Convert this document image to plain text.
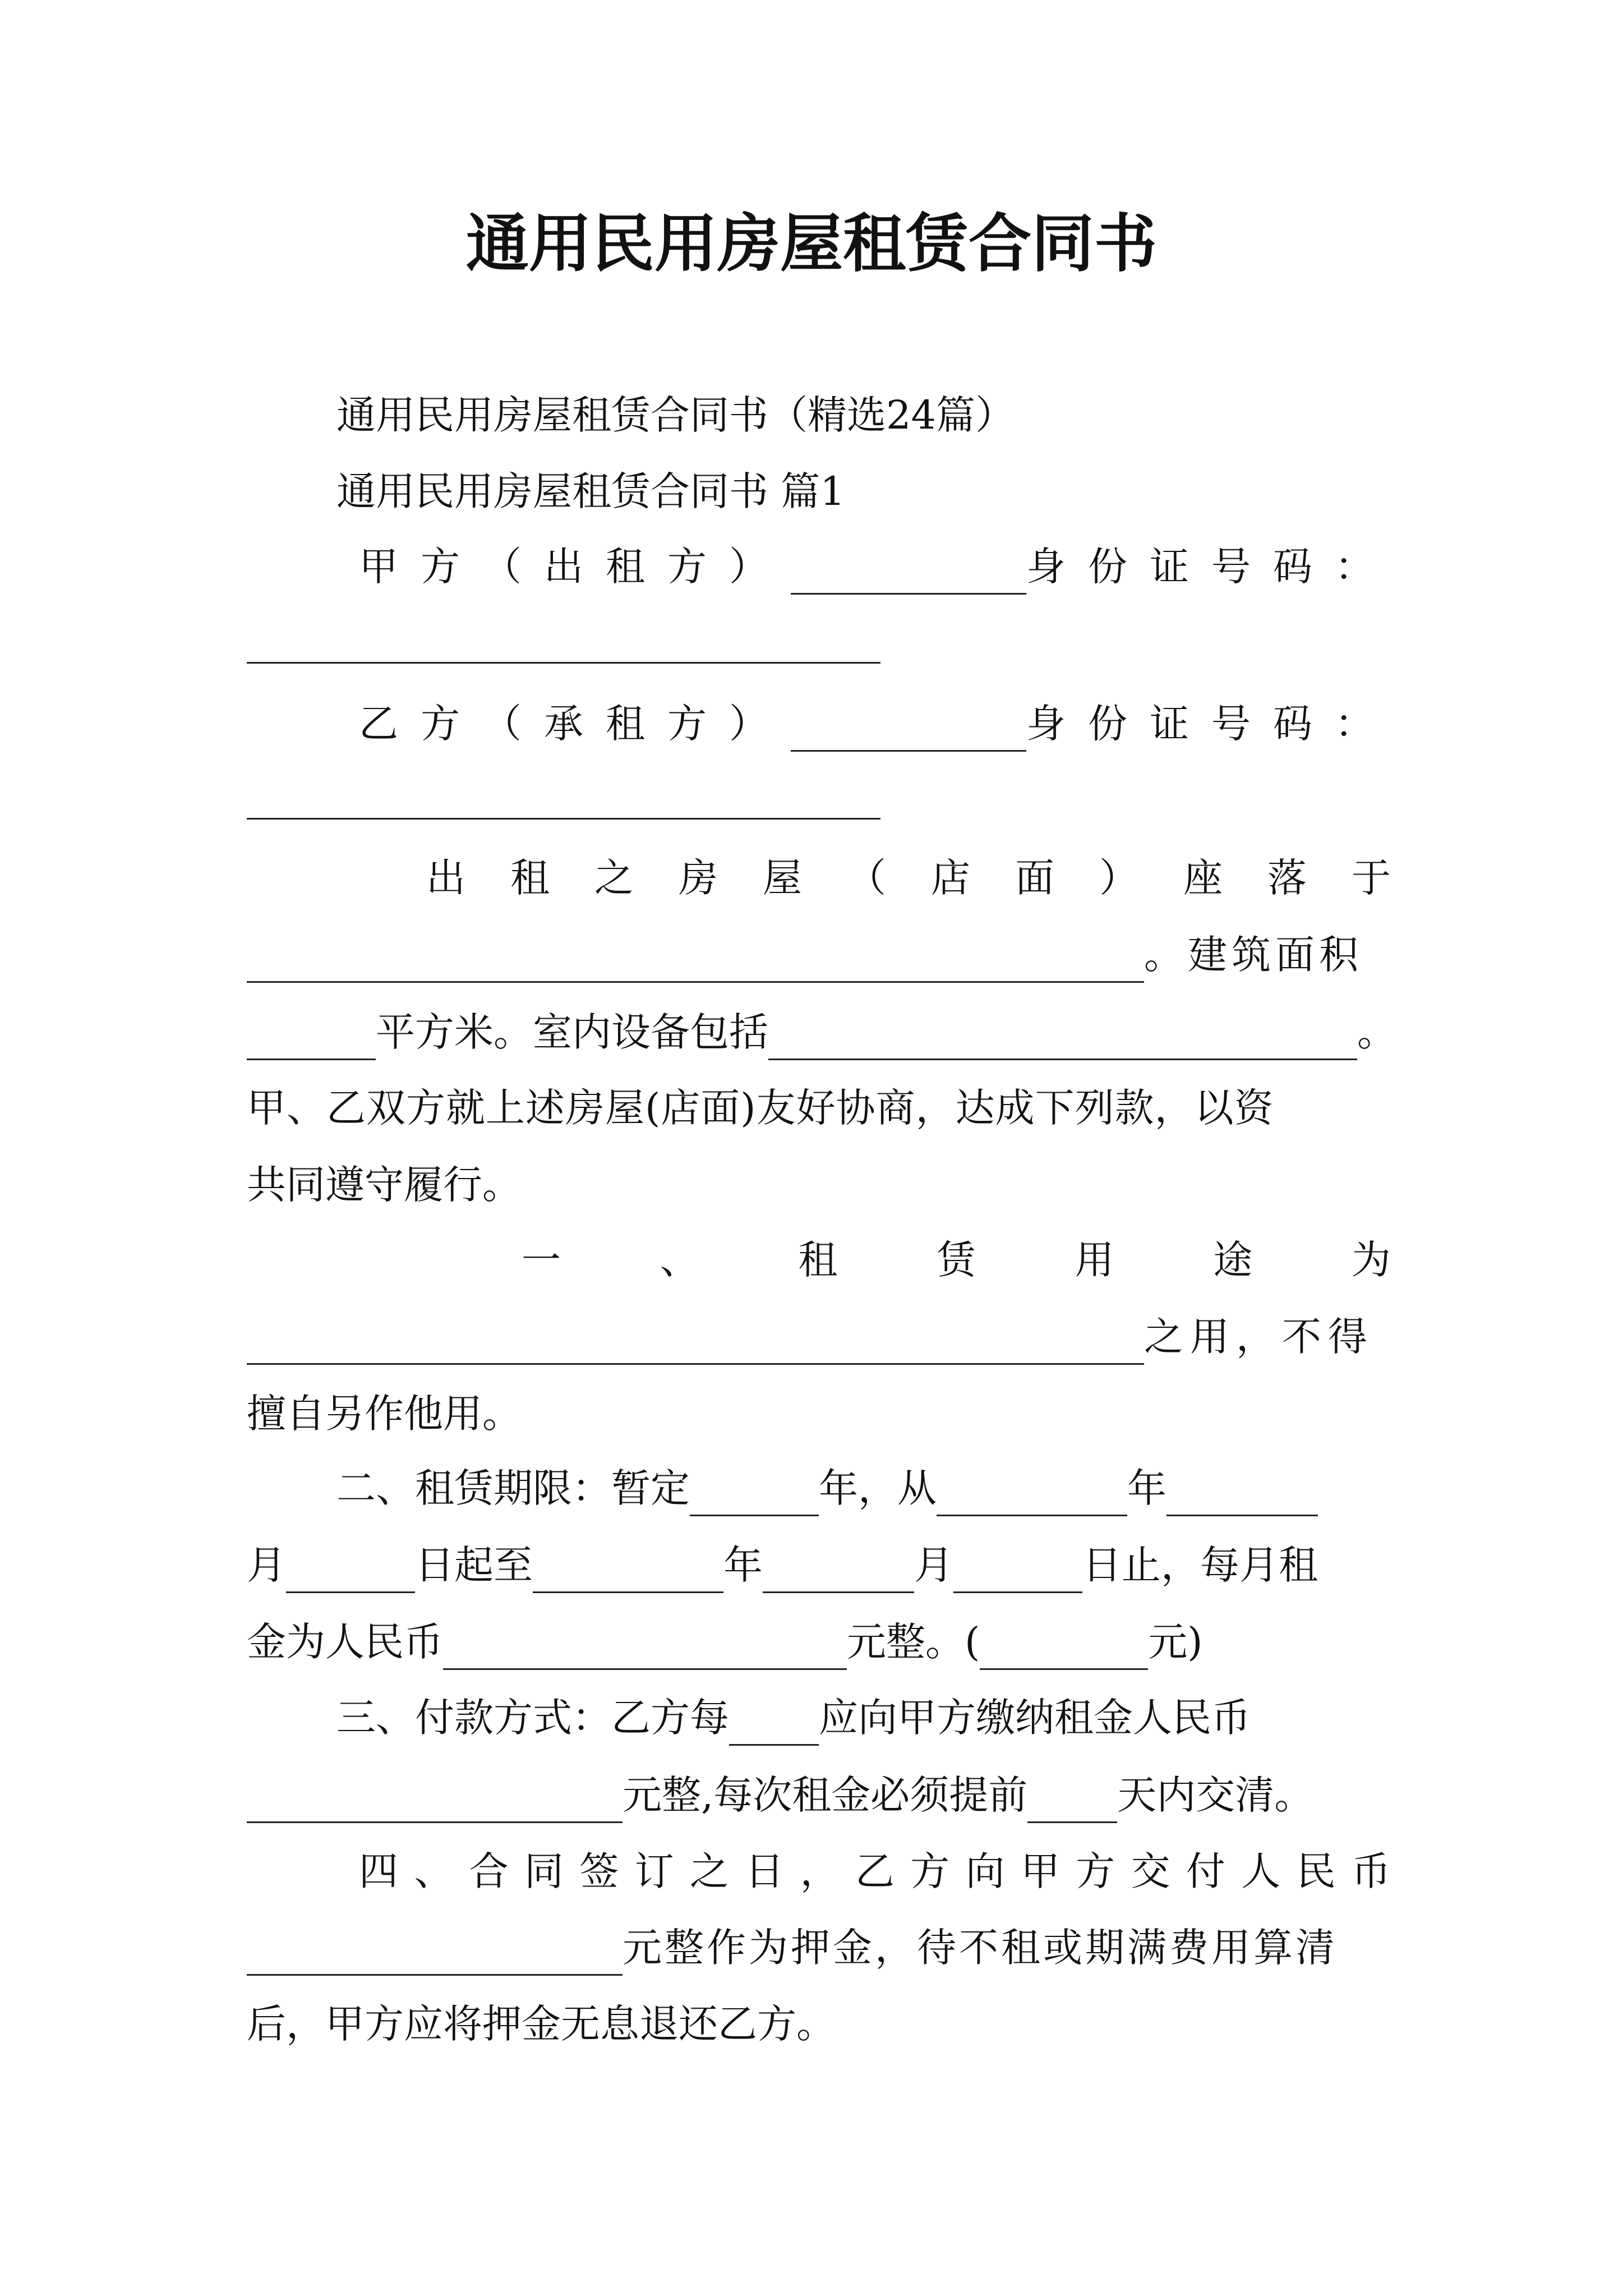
通用民用房屋租赁合同书
通用民用房屋租赁合同书（精选24篇）
通用民用房屋租赁合同书 篇1
甲方（出租方）	身份证号码：
乙方（承租方）	身份证号码：
出 租 之 房 屋 （ 店 面 ） 座 落 于
。建筑面积
平方米。室内设备包括	。
甲、乙双方就上述房屋(店面)友好协商，达成下列款，以资
共同遵守履行。
一	、	租	赁	用	途	为
之用，不得
擅自另作他用。
二、租赁期限：暂定	年，从	年
月	日起至	年	月	日止，每月租
金为人民币	元整。(	元)
三、付款方式：乙方每 应向甲方缴纳租金人民币
元整,每次租金必须提前 天内交清。
四 、 合 同 签 订 之 日 ， 乙 方 向 甲 方 交 付 人 民 币
元整作为押金，待不租或期满费用算清
后，甲方应将押金无息退还乙方。
